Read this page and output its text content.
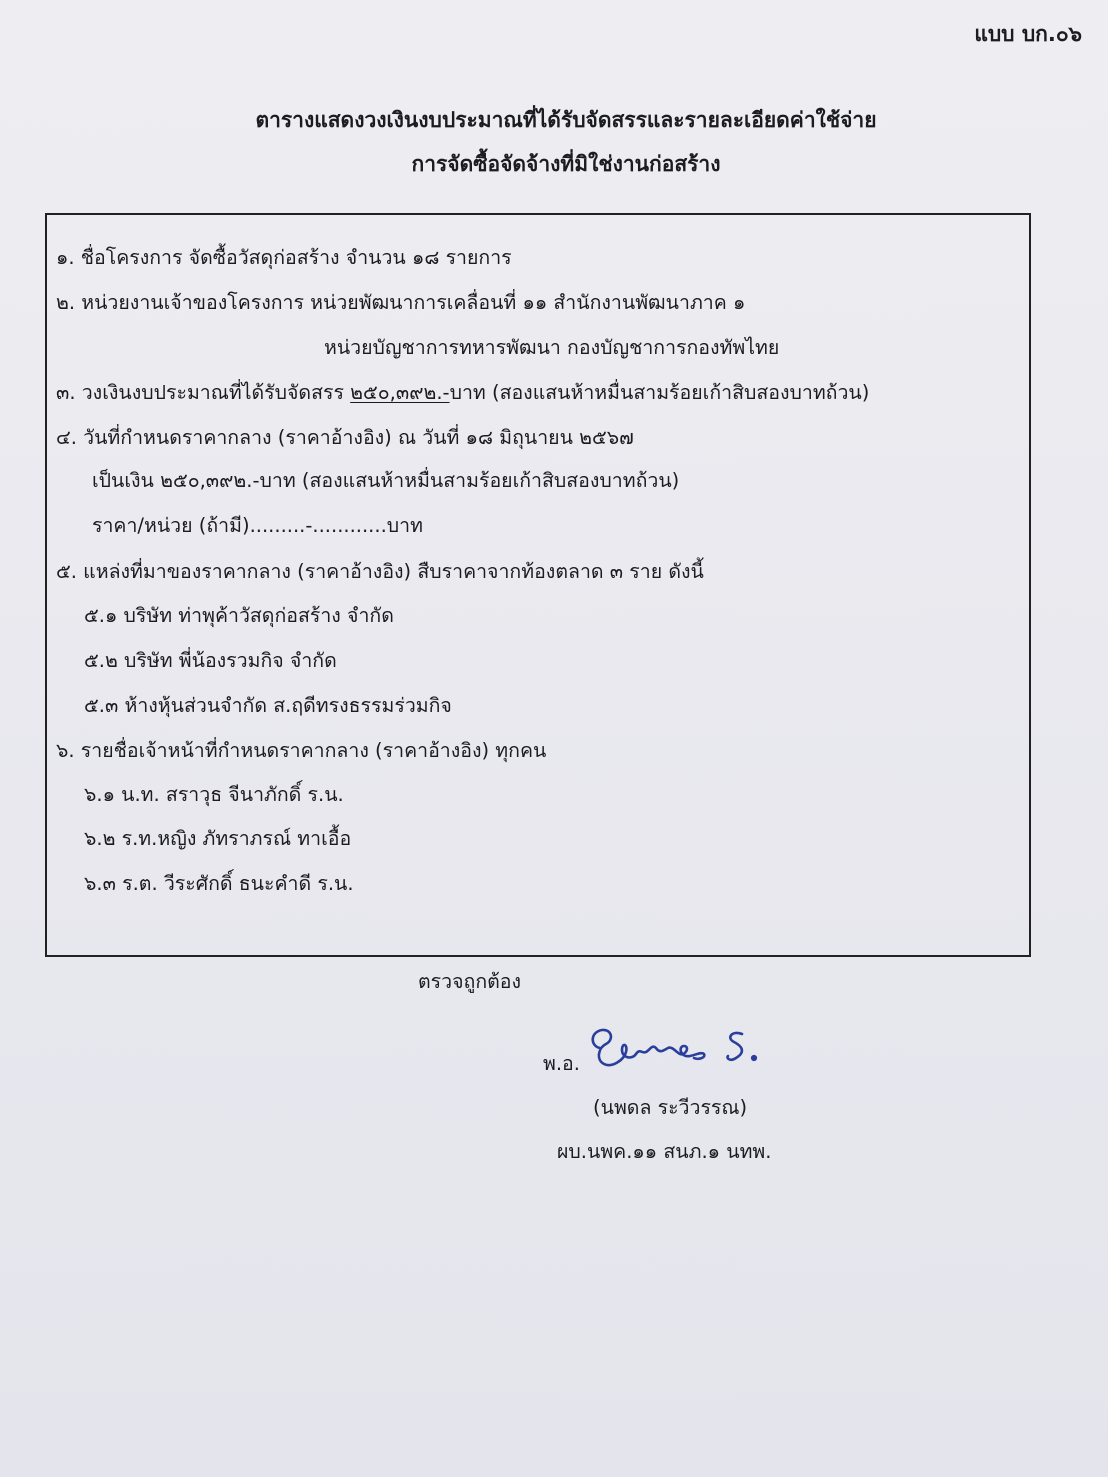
แบบ บก.๐๖
ตารางแสดงวงเงินงบประมาณที่ได้รับจัดสรรและรายละเอียดค่าใช้จ่าย
การจัดซื้อจัดจ้างที่มิใช่งานก่อสร้าง
๑. ชื่อโครงการ จัดซื้อวัสดุก่อสร้าง จำนวน ๑๘ รายการ
๒. หน่วยงานเจ้าของโครงการ หน่วยพัฒนาการเคลื่อนที่ ๑๑ สำนักงานพัฒนาภาค ๑
หน่วยบัญชาการทหารพัฒนา กองบัญชาการกองทัพไทย
๓. วงเงินงบประมาณที่ได้รับจัดสรร ๒๕๐,๓๙๒.-บาท (สองแสนห้าหมื่นสามร้อยเก้าสิบสองบาทถ้วน)
๔. วันที่กำหนดราคากลาง (ราคาอ้างอิง) ณ วันที่ ๑๘ มิถุนายน ๒๕๖๗
เป็นเงิน ๒๕๐,๓๙๒.-บาท (สองแสนห้าหมื่นสามร้อยเก้าสิบสองบาทถ้วน)
ราคา/หน่วย (ถ้ามี).........-............บาท
๕. แหล่งที่มาของราคากลาง (ราคาอ้างอิง) สืบราคาจากท้องตลาด ๓ ราย ดังนี้
๕.๑ บริษัท ท่าพุค้าวัสดุก่อสร้าง จำกัด
๕.๒ บริษัท พี่น้องรวมกิจ จำกัด
๕.๓ ห้างหุ้นส่วนจำกัด ส.ฤดีทรงธรรมร่วมกิจ
๖. รายชื่อเจ้าหน้าที่กำหนดราคากลาง (ราคาอ้างอิง) ทุกคน
๖.๑ น.ท. สราวุธ จีนาภักดิ์ ร.น.
๖.๒ ร.ท.หญิง ภัทราภรณ์ ทาเอื้อ
๖.๓ ร.ต. วีระศักดิ์ ธนะคำดี ร.น.
ตรวจถูกต้อง
พ.อ.
(นพดล ระวีวรรณ)
ผบ.นพค.๑๑ สนภ.๑ นทพ.
